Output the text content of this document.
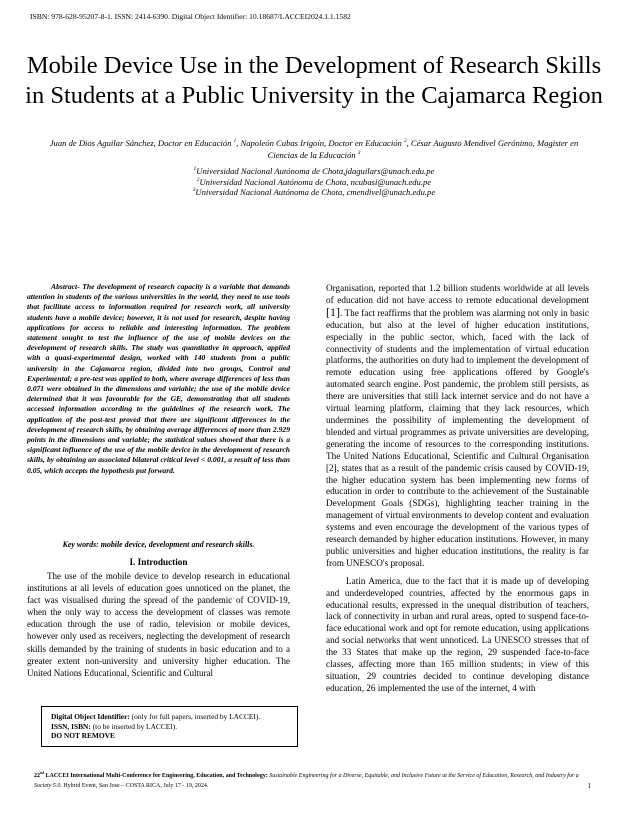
ISBN: 978-628-95207-8-1. ISSN: 2414-6390. Digital Object Identifier: 10.18687/LACCEI2024.1.1.1582
Mobile Device Use in the Development of Research Skills in Students at a Public University in the Cajamarca Region
Juan de Dios Aguilar Sánchez, Doctor en Educación $^1$, Napoleón Cubas Irigoín, Doctor en Educación $^2$, César Augusto Mendivel Gerónimo, Magister en Ciencias de la Educación $^3$
$^1$Universidad Nacional Autónoma de Chota,jdaguilars@unach.edu.pe
$^2$Universidad Nacional Autónoma de Chota, ncubasi@unach.edu.pe
$^3$Universidad Nacional Autónoma de Chota, cmendivel@unach.edu.pe

Abstract- The development of research capacity is a variable that demands attention in students of the various universities in the world, they need to use tools that facilitate access to information required for research work, all university students have a mobile device; however, it is not used for research, despite having applications for access to reliable and interesting information. The problem statement sought to test the influence of the use of mobile devices on the development of research skills. The study was quantitative in approach, applied with a quasi-experimental design, worked with 140 students from a public university in the Cajamarca region, divided into two groups, Control and Experimental; a pre-test was applied to both, where average differences of less than 0.071 were obtained in the dimensions and variable; the use of the mobile device determined that it was favourable for the GE, demonstrating that all students accessed information according to the guidelines of the research work. The application of the post-test proved that there are significant differences in the development of research skills, by obtaining average differences of more than 2.929 points in the dimensions and variable; the statistical values showed that there is a significant influence of the use of the mobile device in the development of research skills, by obtaining an associated bilateral critical level < 0.001, a result of less than 0.05, which accepts the hypothesis put forward.

Key words: mobile device, development and research skills.
I. Introduction

The use of the mobile device to develop research in educational institutions at all levels of education goes unnoticed on the planet, the fact was visualised during the spread of the pandemic of COVID-19, when the only way to access the development of classes was remote education through the use of radio, television or mobile devices, however only used as receivers, neglecting the development of research skills demanded by the training of students in basic education and to a greater extent non-university and university higher education. The United Nations Educational, Scientific and Cultural

Digital Object Identifier: (only for full papers, inserted by LACCEI).
ISSN, ISBN: (to be inserted by LACCEI).
DO NOT REMOVE

Organisation, reported that 1.2 billion students worldwide at all levels of education did not have access to remote educational development [1]. The fact reaffirms that the problem was alarming not only in basic education, but also at the level of higher education institutions, especially in the public sector, which, faced with the lack of connectivity of students and the implementation of virtual education platforms, the authorities on duty had to implement the development of remote education using free applications offered by Google's automated search engine. Post pandemic, the problem still persists, as there are universities that still lack internet service and do not have a virtual learning platform, claiming that they lack resources, which undermines the possibility of implementing the development of blended and virtual programmes as private universities are developing, generating the income of resources to the corresponding institutions. The United Nations Educational, Scientific and Cultural Organisation [2], states that as a result of the pandemic crisis caused by COVID-19, the higher education system has been implementing new forms of education in order to contribute to the achievement of the Sustainable Development Goals (SDGs), highlighting teacher training in the management of virtual environments to develop content and evaluation systems and even encourage the development of the various types of research demanded by higher education institutions. However, in many public universities and higher education institutions, the reality is far from UNESCO's proposal.

Latin America, due to the fact that it is made up of developing and underdeveloped countries, affected by the enormous gaps in educational results, expressed in the unequal distribution of teachers, lack of connectivity in urban and rural areas, opted to suspend face-to-face educational work and opt for remote education, using applications and social networks that went unnoticed. La UNESCO stresses that of the 33 States that make up the region, 29 suspended face-to-face classes, affecting more than 165 million students; in view of this situation, 29 countries decided to continue developing distance education, 26 implemented the use of the internet, 4 with

22nd LACCEI International Multi-Conference for Engineering, Education, and Technology: Sustainable Engineering for a Diverse, Equitable, and Inclusive Future at the Service of Education, Research, and Industry for a Society 5.0. Hybrid Event, San Jose – COSTA RICA, July 17 - 19, 2024.	1
